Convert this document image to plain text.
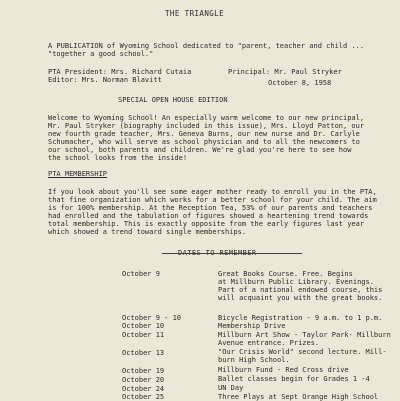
THE TRIANGLE
A PUBLICATION of Wyoming School dedicated to "parent, teacher and child ...
"together a good school."
PTA President: Mrs. Richard Cutaia	Principal: Mr. Paul Stryker
Editor: Mrs. Norman Blavitt	October 8, 1958
SPECIAL OPEN HOUSE EDITION
Welcome to Wyoming School! An especially warm welcome to our new principal,
Mr. Paul Stryker (biography included in this issue), Mrs. Lloyd Patton, our
new fourth grade teacher, Mrs. Geneva Burns, our new nurse and Dr. Carlyle
Schumacher, who will serve as school physician and to all the newcomers to
our school, both parents and children. We're glad you're here to see how
the school looks from the inside!
PTA MEMBERSHIP
If you look about you'll see some eager mother ready to enroll you in the PTA,
that fine organization which works for a better school for your child. The aim
is for 100% membership. At the Reception Tea, 53% of our parents and teachers
had enrolled and the tabulation of figures showed a heartening trend towards
total membership. This is exactly opposite from the early figures last year
which showed a trend toward single memberships.
DATES TO REMEMBER
October 9	Great Books Course. Free. Begins
at Millburn Public Library. Evenings.
Part of a national endowed course, this
will acquaint you with the great books.
October 9 - 10	Bicycle Registration - 9 a.m. to 1 p.m.
October 10	Membership Drive
October 11	Millburn Art Show - Taylor Park- Millburn
Avenue entrance. Prizes.
October 13	"Our Crisis World" second lecture. Mill-
burn High School.
October 19	Millburn Fund - Red Cross drive
October 20	Ballet classes begin for Grades 1 -4
October 24	UN Day
October 25	Three Plays at Sept Orange High School
